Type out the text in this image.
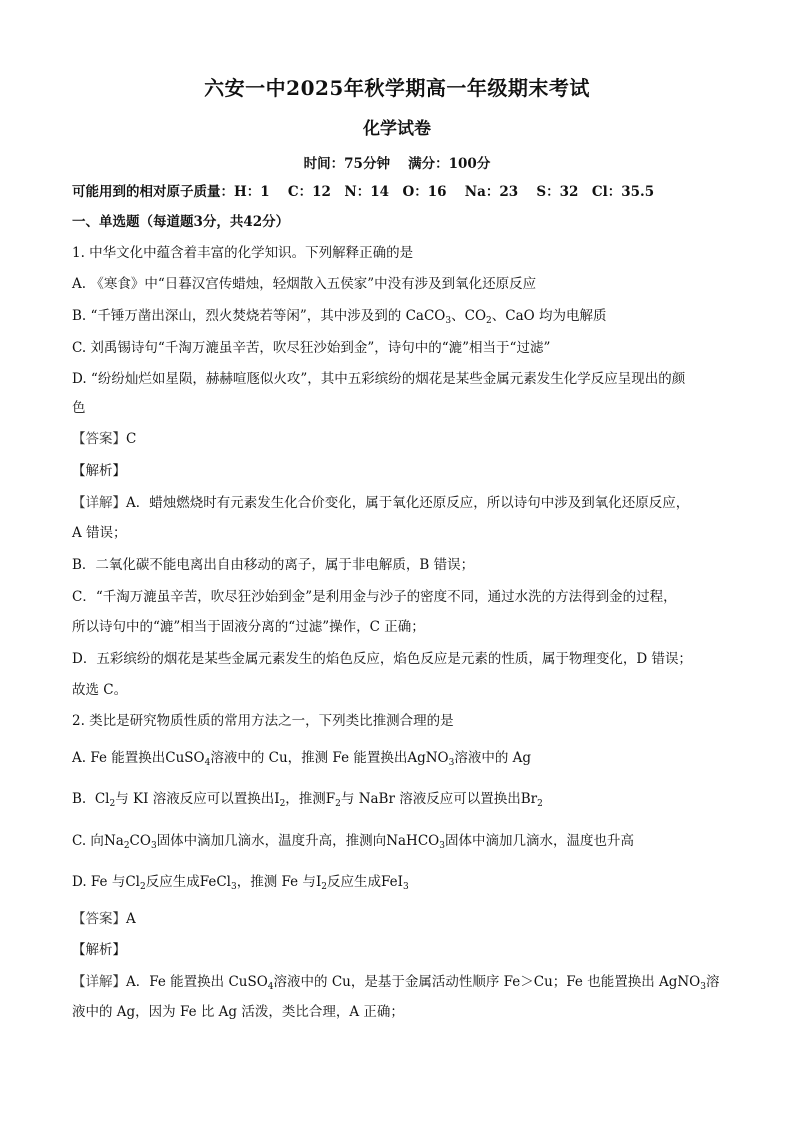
六安一中2025年秋学期高一年级期末考试
化学试卷
时间：75分钟　 满分：100分
可能用到的相对原子质量：H：1　 C：12　N：14　O：16　 Na：23　 S：32　Cl：35.5
一、单选题（每道题3分，共42分）
1. 中华文化中蕴含着丰富的化学知识。下列解释正确的是
A. 《寒食》中“日暮汉宫传蜡烛，轻烟散入五侯家”中没有涉及到氧化还原反应
B. “千锤万凿出深山，烈火焚烧若等闲”，其中涉及到的 CaCO$_3$、$CO_2$、CaO 均为电解质
C. 刘禹锡诗句“千淘万漉虽辛苦，吹尽狂沙始到金”，诗句中的“漉”相当于“过滤”
D. “纷纷灿烂如星陨，赫赫喧豗似火攻”，其中五彩缤纷的烟花是某些金属元素发生化学反应呈现出的颜
色
【答案】C
【解析】
【详解】A．蜡烛燃烧时有元素发生化合价变化，属于氧化还原反应，所以诗句中涉及到氧化还原反应，
A 错误；
B．二氧化碳不能电离出自由移动的离子，属于非电解质，B 错误；
C．“千淘万漉虽辛苦，吹尽狂沙始到金”是利用金与沙子的密度不同，通过水洗的方法得到金的过程，
所以诗句中的“漉”相当于固液分离的“过滤”操作，C 正确；
D．五彩缤纷的烟花是某些金属元素发生的焰色反应，焰色反应是元素的性质，属于物理变化，D 错误；
故选 C。
2. 类比是研究物质性质的常用方法之一，下列类比推测合理的是
A. Fe 能置换出CuSO$_4$溶液中的 Cu，推测 Fe 能置换出AgNO$_3$溶液中的 Ag
B. $Cl_2$与 KI 溶液反应可以置换出$I_2$，推测$F_2$与 NaBr 溶液反应可以置换出$Br_2$
C. 向$Na_2CO_3$固体中滴加几滴水，温度升高，推测向NaHCO$_3$固体中滴加几滴水，温度也升高
D. Fe 与$Cl_2$反应生成FeCl$_3$，推测 Fe 与$I_2$反应生成FeI$_3$
【答案】A
【解析】
【详解】A．Fe 能置换出 CuSO$_4$溶液中的 Cu，是基于金属活动性顺序 Fe＞Cu；Fe 也能置换出 AgNO$_3$溶
液中的 Ag，因为 Fe 比 Ag 活泼，类比合理，A 正确；
